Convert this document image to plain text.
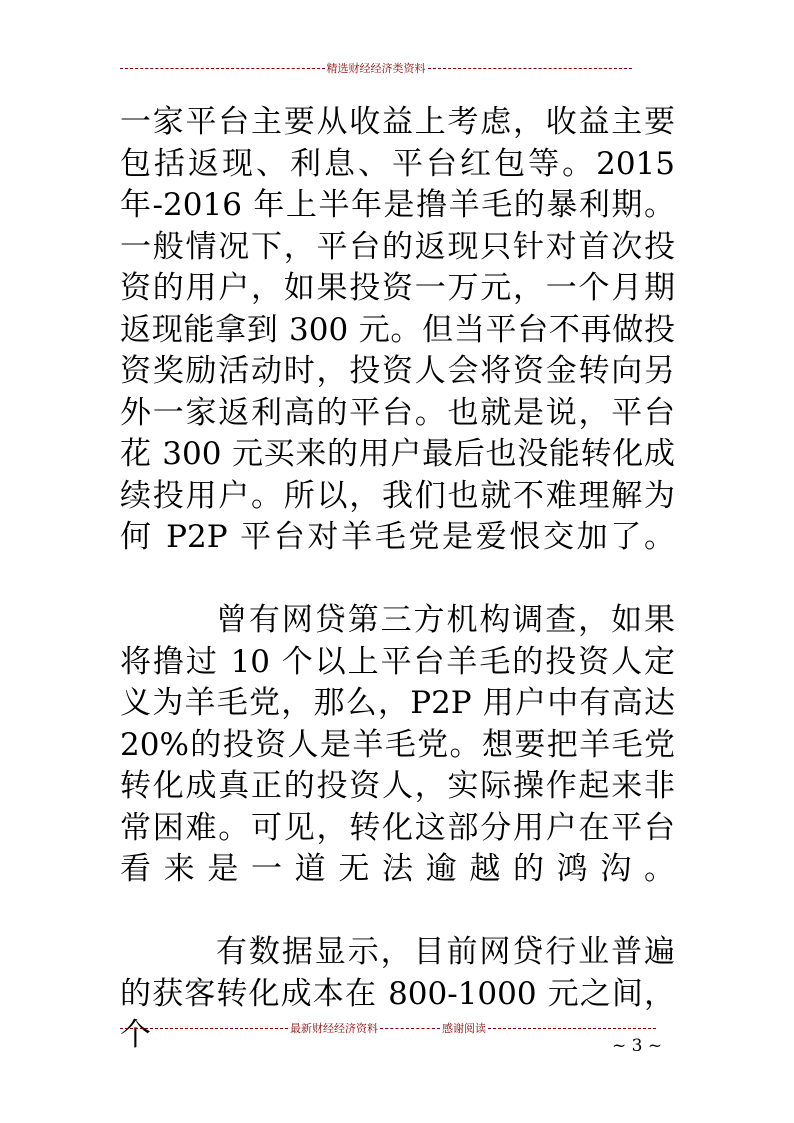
精选财经经济类资料

一家平台主要从收益上考虑，收益主要包括返现、利息、平台红包等。2015 年-2016 年上半年是撸羊毛的暴利期。一般情况下，平台的返现只针对首次投资的用户，如果投资一万元，一个月期返现能拿到 300 元。但当平台不再做投资奖励活动时，投资人会将资金转向另外一家返利高的平台。也就是说，平台花 300 元买来的用户最后也没能转化成续投用户。所以，我们也就不难理解为何 P2P 平台对羊毛党是爱恨交加了。

曾有网贷第三方机构调查，如果将撸过 10 个以上平台羊毛的投资人定义为羊毛党，那么，P2P 用户中有高达 20%的投资人是羊毛党。想要把羊毛党转化成真正的投资人，实际操作起来非常困难。可见，转化这部分用户在平台看来是一道无法逾越的鸿沟。

有数据显示，目前网贷行业普遍的获客转化成本在 800-1000 元之间，个	最新财经经济资料	感谢阅读
~ 3 ~
